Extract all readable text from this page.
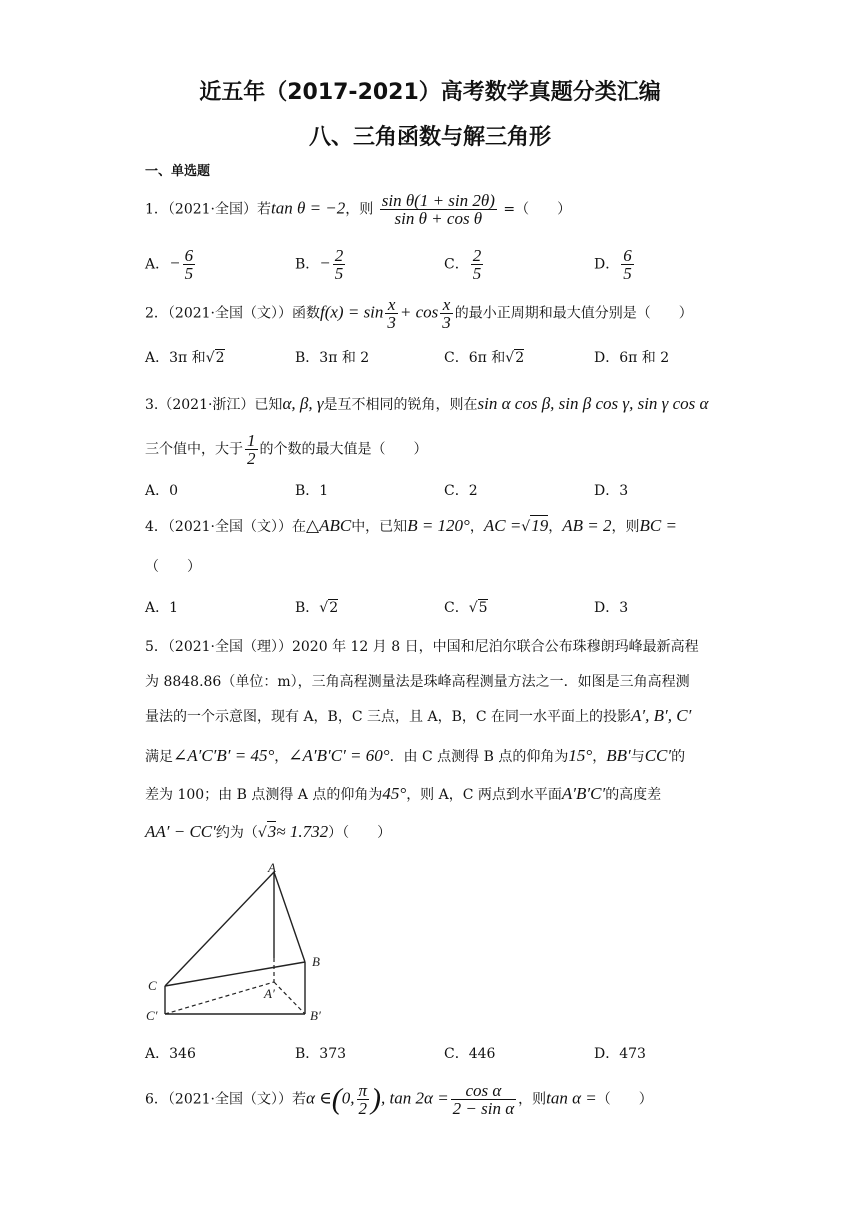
近五年（2017-2021）高考数学真题分类汇编
八、三角函数与解三角形
一、单选题
1．（2021·全国）若tan θ = −2，则 $\frac{\text{sin θ(1 + sin 2θ)}}{\text{sin θ + cos θ}}$ =（　　）
A．− $\frac{6}{5}$	B．− $\frac{2}{5}$	C． $\frac{2}{5}$	D． $\frac{6}{5}$
2．（2021·全国（文））函数$f(x) = \sin \frac{x}{3} + \cos \frac{x}{3}$ 的最小正周期和最大值分别是（　　）
A．3π 和√2	B．3π 和 2	C．6π 和√2	D．6π 和 2
3.（2021·浙江）已知α, β, γ是互不相同的锐角，则在sin α cos β, sin β cos γ, sin γ cos α
三个值中，大于 $\frac{1}{2}$ 的个数的最大值是（　　）
A．0	B．1	C．2	D．3
4．（2021·全国（文））在△ABC中，已知B = 120°，AC =√19，AB = 2，则BC =
（　　）
A．1	B．√2	C．√5	D．3
5．（2021·全国（理））2020 年 12 月 8 日，中国和尼泊尔联合公布珠穆朗玛峰最新高程
为 8848.86（单位：m），三角高程测量法是珠峰高程测量方法之一．如图是三角高程测
量法的一个示意图，现有 A，B，C 三点，且 A，B，C 在同一水平面上的投影A′, B′, C′
满足∠A′C′B′ = 45°，∠A′B′C′ = 60°．由 C 点测得 B 点的仰角为15°，BB′与CC′的
差为 100；由 B 点测得 A 点的仰角为45°，则 A，C 两点到水平面A′B′C′的高度差
AA′ − CC′约为（√3≈ 1.732）（　　）
A
B
C
A′
B′
C′
A．346	B．373	C．446	D．473
6．（2021·全国（文））若α ∈(0, $\frac{\pi}{2}$ ), $\tan 2\alpha = \frac{\text{cos α}}{\text{2 − sin α}}$ ，则tan α =（　　）
